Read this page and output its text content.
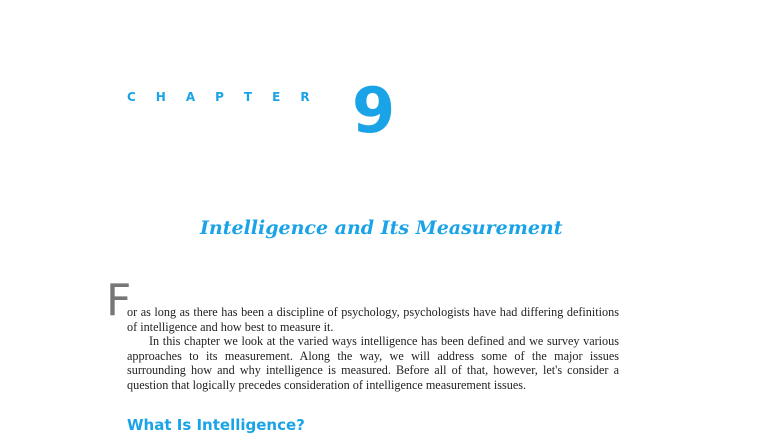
CHAPTER 9
Intelligence and Its Measurement
F

or as long as there has been a discipline of psychology, psychologists have had differing definitions of intelligence and how best to measure it.

In this chapter we look at the varied ways intelligence has been defined and we survey various approaches to its measurement. Along the way, we will address some of the major issues surrounding how and why intelligence is measured. Before all of that, however, let's consider a question that logically precedes consideration of intelligence measurement issues.

What Is Intelligence?
